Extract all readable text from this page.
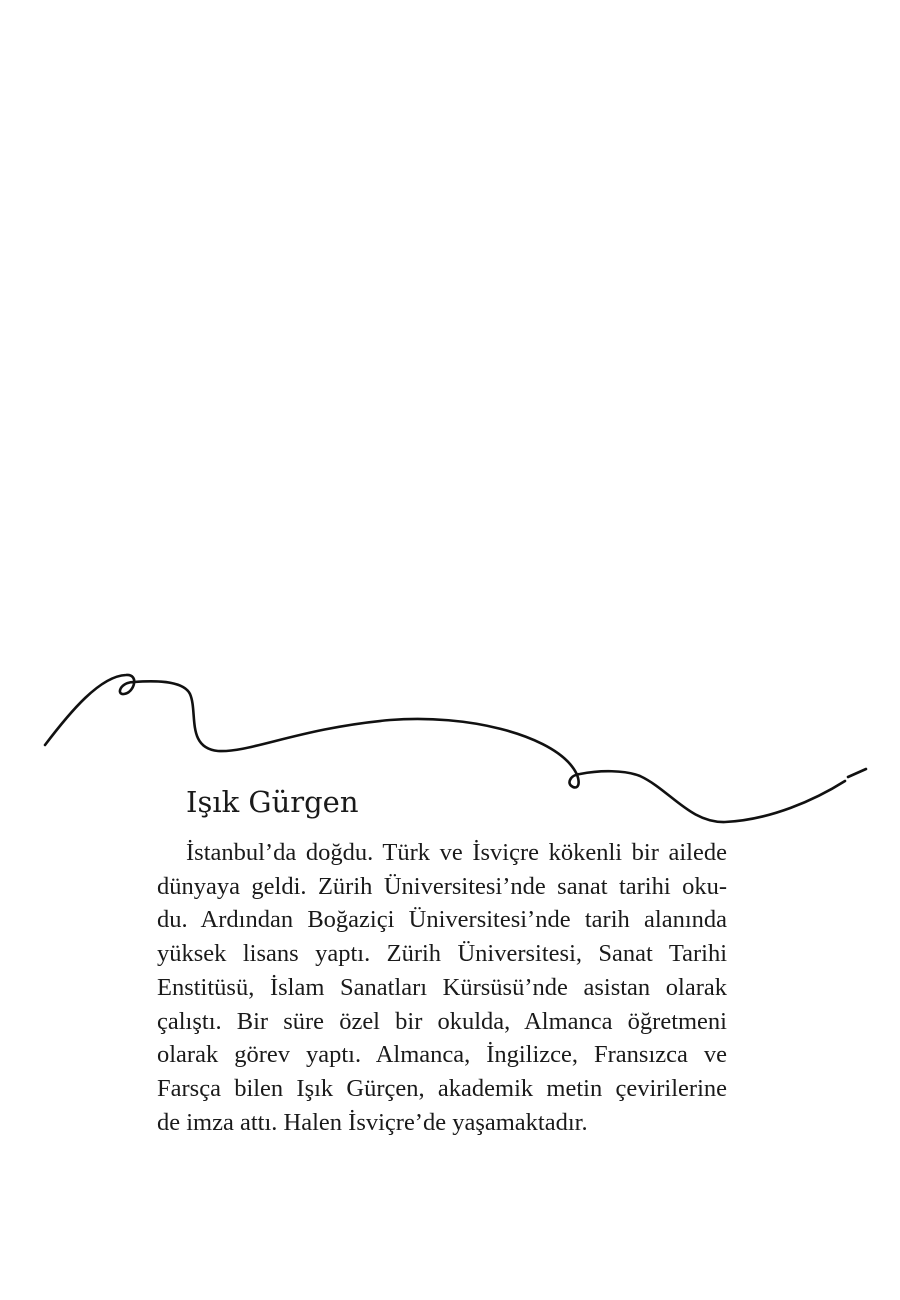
Işık Gürgen

İstanbul’da doğdu. Türk ve İsviçre kökenli bir ailede
dünyaya geldi. Zürih Üniversitesi’nde sanat tarihi oku-
du. Ardından Boğaziçi Üniversitesi’nde tarih alanında
yüksek lisans yaptı. Zürih Üniversitesi, Sanat Tarihi
Enstitüsü, İslam Sanatları Kürsüsü’nde asistan olarak
çalıştı. Bir süre özel bir okulda, Almanca öğretmeni
olarak görev yaptı. Almanca, İngilizce, Fransızca ve
Farsça bilen Işık Gürçen, akademik metin çevirilerine
de imza attı. Halen İsviçre’de yaşamaktadır.
